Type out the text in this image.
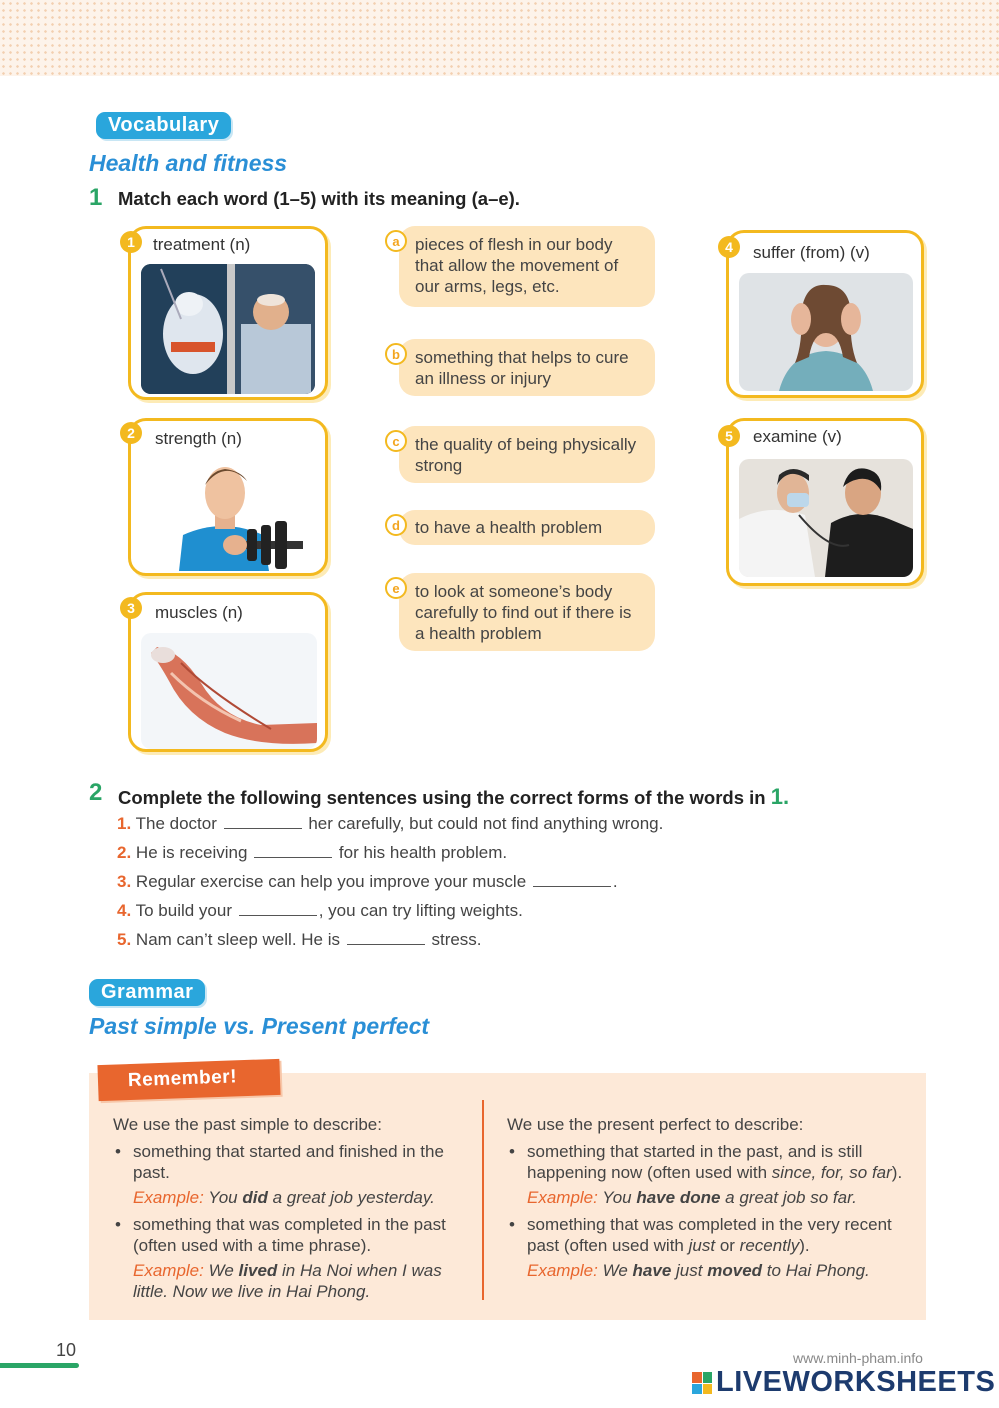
Vocabulary
Health and fitness
1 Match each word (1–5) with its meaning (a–e).
treatment (n)
1
strength (n)
2
muscles (n)
3
suffer (from) (v)
4
examine (v)
5
pieces of flesh in our body that allow the movement of our arms, legs, etc.
a
something that helps to cure an illness or injury
b
the quality of being physically strong
c
to have a health problem
d
to look at someone’s body carefully to find out if there is a health problem
e
2 Complete the following sentences using the correct forms of the words in 1.
1. The doctor	her carefully, but could not find anything wrong.
2. He is receiving	for his health problem.
3. Regular exercise can help you improve your muscle	.
4. To build your	, you can try lifting weights.
5. Nam can’t sleep well. He is	stress.
Grammar
Past simple vs. Present perfect
Remember!
We use the past simple to describe:
• something that started and finished in the past.
Example: You did a great job yesterday.
• something that was completed in the past (often used with a time phrase).
Example: We lived in Ha Noi when I was little. Now we live in Hai Phong.
We use the present perfect to describe:
• something that started in the past, and is still happening now (often used with since, for, so far).
Example: You have done a great job so far.
• something that was completed in the very recent past (often used with just or recently).
Example: We have just moved to Hai Phong.
10	www.minh-pham.info
LIVEWORKSHEETS
